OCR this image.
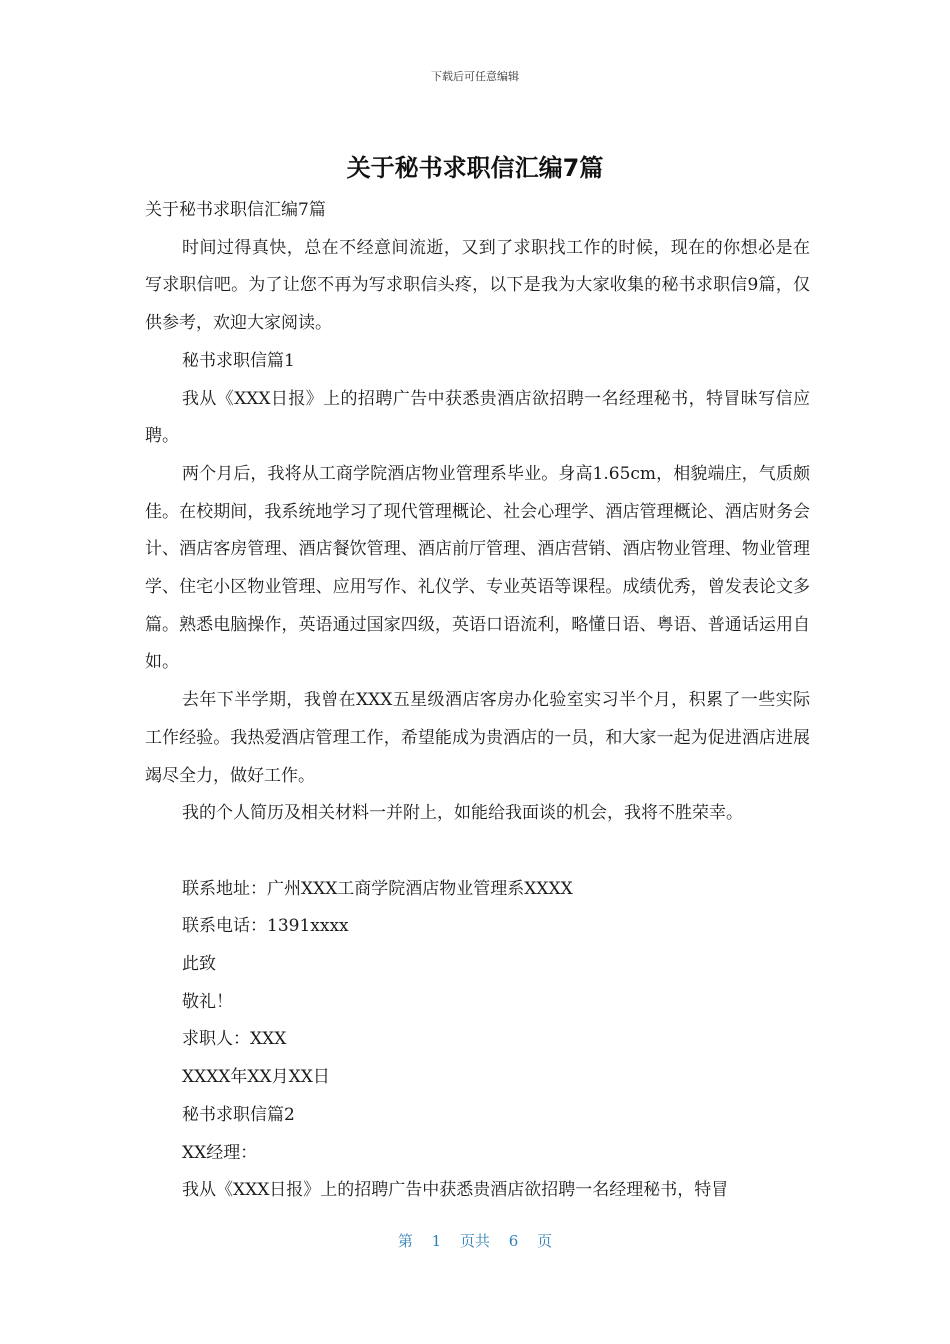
下载后可任意编辑
关于秘书求职信汇编7篇

关于秘书求职信汇编7篇

时间过得真快，总在不经意间流逝，又到了求职找工作的时候，现在的你想必是在写求职信吧。为了让您不再为写求职信头疼，以下是我为大家收集的秘书求职信9篇，仅供参考，欢迎大家阅读。

秘书求职信篇1

我从《XXX日报》上的招聘广告中获悉贵酒店欲招聘一名经理秘书，特冒昧写信应聘。

两个月后，我将从工商学院酒店物业管理系毕业。身高1.65cm，相貌端庄，气质颇佳。在校期间，我系统地学习了现代管理概论、社会心理学、酒店管理概论、酒店财务会计、酒店客房管理、酒店餐饮管理、酒店前厅管理、酒店营销、酒店物业管理、物业管理学、住宅小区物业管理、应用写作、礼仪学、专业英语等课程。成绩优秀，曾发表论文多篇。熟悉电脑操作，英语通过国家四级，英语口语流利，略懂日语、粤语、普通话运用自如。

去年下半学期，我曾在XXX五星级酒店客房办化验室实习半个月，积累了一些实际工作经验。我热爱酒店管理工作，希望能成为贵酒店的一员，和大家一起为促进酒店进展竭尽全力，做好工作。

我的个人简历及相关材料一并附上，如能给我面谈的机会，我将不胜荣幸。

联系地址：广州XXX工商学院酒店物业管理系XXXX

联系电话：1391xxxx

此致

敬礼！

求职人：XXX

XXXX年XX月XX日

秘书求职信篇2

XX经理：

我从《XXX日报》上的招聘广告中获悉贵酒店欲招聘一名经理秘书，特冒

第 1 页共 6 页
